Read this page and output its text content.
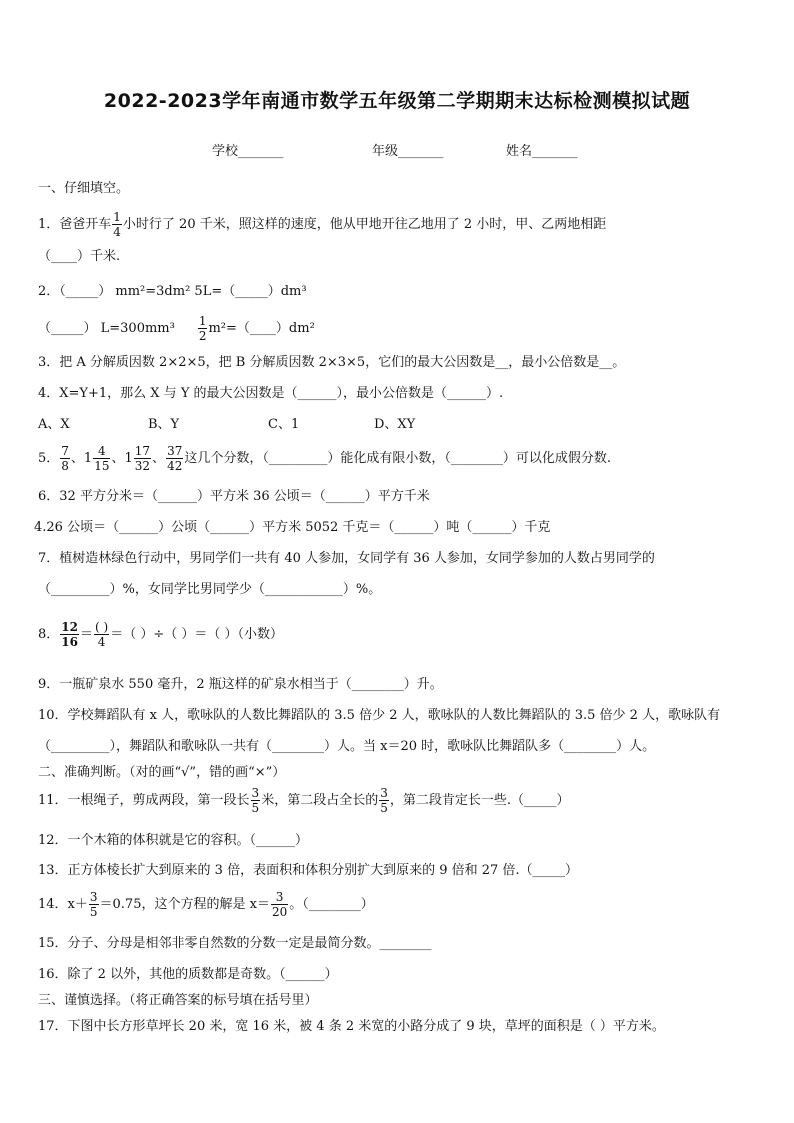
2022-2023学年南通市数学五年级第二学期期末达标检测模拟试题
学校_______	年级_______	姓名_______
一、仔细填空。
1．爸爸开车 $\frac{1}{4}$ 小时行了 20 千米，照这样的速度，他从甲地开往乙地用了 2 小时，甲、乙两地相距
（____）千米.
2．（_____） mm²=3dm² 5L=（_____）dm³
（_____） $L=300mm^3 \frac{1}{2}$ m²=（____）dm²
3．把 A 分解质因数 2×2×5，把 B 分解质因数 2×3×5，它们的最大公因数是__，最小公倍数是__。
4．X=Y+1，那么 X 与 Y 的最大公因数是（______），最小公倍数是（______）.
A、X	B、Y	C、1	D、XY
5． $\frac{7}{8}$ 、$1 \frac{4}{15}$ 、$1 \frac{17}{32}$ 、 $\frac{37}{42}$ 这几个分数，（_________）能化成有限小数，（________）可以化成假分数.
6．32 平方分米＝（______）平方米 36 公顷＝（______）平方千米
4.26 公顷＝（______）公顷（______）平方米 5052 千克＝（______）吨（______）千克
7．植树造林绿色行动中，男同学们一共有 40 人参加，女同学有 36 人参加，女同学参加的人数占男同学的
（_________）%，女同学比男同学少（____________）%。
8． $\frac{12}{16} = \frac{( )}{4}$ ＝（ ）÷（ ）＝（ ）（小数）
9．一瓶矿泉水 550 毫升，2 瓶这样的矿泉水相当于（________）升。
10．学校舞蹈队有 x 人，歌咏队的人数比舞蹈队的 3.5 倍少 2 人，歌咏队的人数比舞蹈队的 3.5 倍少 2 人，歌咏队有
（_________），舞蹈队和歌咏队一共有（________）人。当 x＝20 时，歌咏队比舞蹈队多（________）人。
二、准确判断。（对的画“√”，错的画“×”）
11．一根绳子，剪成两段，第一段长 $\frac{3}{5}$ 米，第二段占全长的 $\frac{3}{5}$ ，第二段肯定长一些.（_____）
12．一个木箱的体积就是它的容积。（______）
13．正方体棱长扩大到原来的 3 倍，表面积和体积分别扩大到原来的 9 倍和 27 倍.（_____）
14．$x+ \frac{3}{5} =0.75$，这个方程的解是 $x= \frac{3}{20}$ 。（________）
15．分子、分母是相邻非零自然数的分数一定是最简分数。________
16．除了 2 以外，其他的质数都是奇数。（______）
三、谨慎选择。（将正确答案的标号填在括号里）
17．下图中长方形草坪长 20 米，宽 16 米，被 4 条 2 米宽的小路分成了 9 块，草坪的面积是（ ）平方米。
